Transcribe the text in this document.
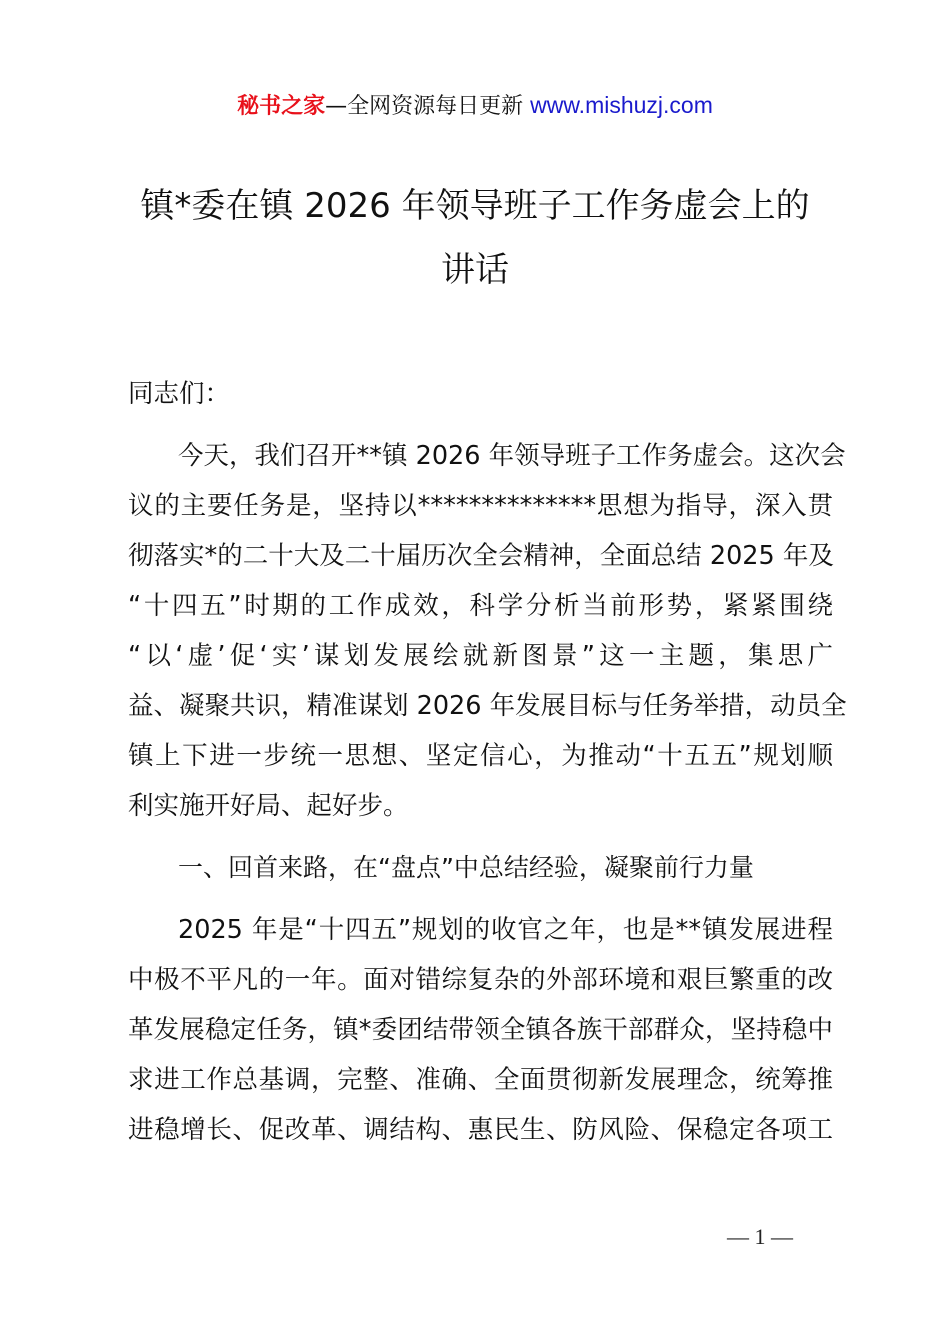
秘书之家—全网资源每日更新 www.mishuzj.com
镇*委在镇 2026 年领导班子工作务虚会上的
讲话
同志们：
今天，我们召开**镇 2026 年领导班子工作务虚会。这次会
议的主要任务是，坚持以**************思想为指导，深入贯
彻落实*的二十大及二十届历次全会精神，全面总结 2025 年及
“十四五”时期的工作成效，科学分析当前形势，紧紧围绕
“以‘虚’促‘实’谋划发展绘就新图景”这一主题，集思广
益、凝聚共识，精准谋划 2026 年发展目标与任务举措，动员全
镇上下进一步统一思想、坚定信心，为推动“十五五”规划顺
利实施开好局、起好步。
一、回首来路，在“盘点”中总结经验，凝聚前行力量
2025 年是“十四五”规划的收官之年，也是**镇发展进程
中极不平凡的一年。面对错综复杂的外部环境和艰巨繁重的改
革发展稳定任务，镇*委团结带领全镇各族干部群众，坚持稳中
求进工作总基调，完整、准确、全面贯彻新发展理念，统筹推
进稳增长、促改革、调结构、惠民生、防风险、保稳定各项工
— 1 —
